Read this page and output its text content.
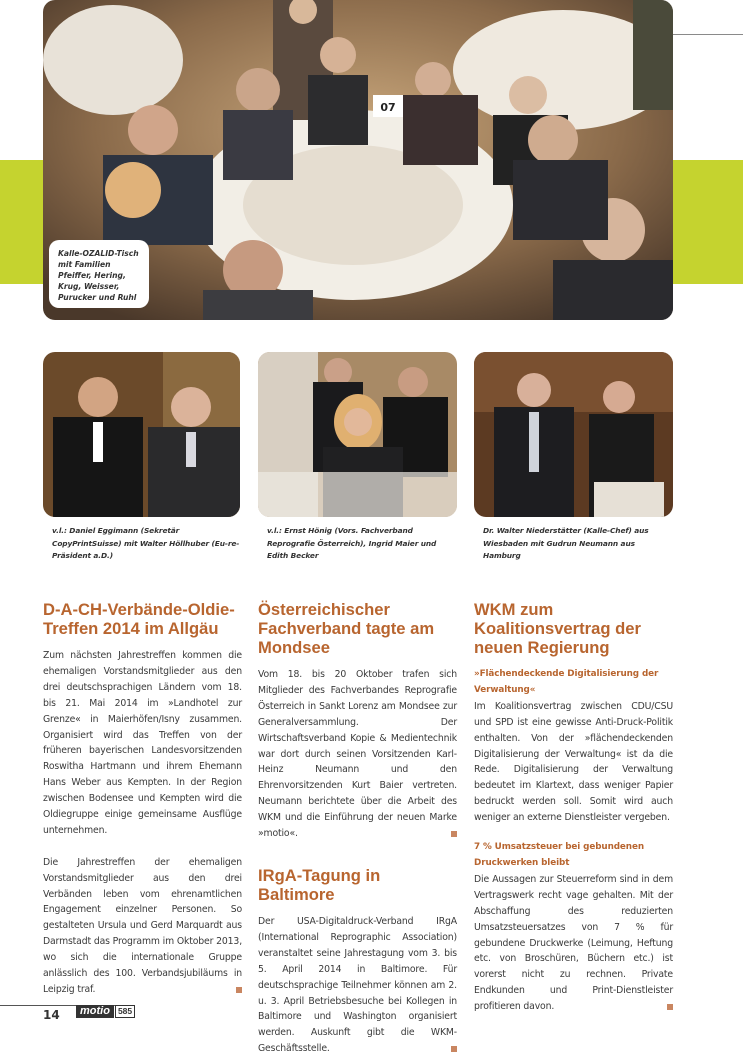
07
Kalle-OZALID-Tisch mit Familien Pfeiffer, Hering, Krug, Weisser, Purucker und Ruhl
v.l.: Daniel Eggimann (Sekretär CopyPrintSuisse) mit Walter Höllhuber (Eu-re-Präsident a.D.)
v.l.: Ernst Hönig (Vors. Fachverband Reprografie Österreich), Ingrid Maier und Edith Becker
Dr. Walter Niederstätter (Kalle-Chef) aus Wiesbaden mit Gudrun Neumann aus Hamburg
D-A-CH-Verbände-Oldie-Treffen 2014 im Allgäu

Zum nächsten Jahrestreffen kommen die ehemaligen Vorstandsmitglieder aus den drei deutschsprachigen Ländern vom 18. bis 21. Mai 2014 im »Landhotel zur Grenze« in Maierhöfen/Isny zusammen. Organisiert wird das Treffen von der früheren bayerischen Landesvorsitzenden Roswitha Hartmann und ihrem Ehemann Hans Weber aus Kempten. In der Region zwischen Bodensee und Kempten wird die Oldiegruppe einige gemeinsame Ausflüge unternehmen.

Die Jahrestreffen der ehemaligen Vorstandsmitglieder aus den drei Verbänden leben vom ehrenamtlichen Engagement einzelner Personen. So gestalteten Ursula und Gerd Marquardt aus Darmstadt das Programm im Oktober 2013, wo sich die internationale Gruppe anlässlich des 100. Verbandsjubiläums in Leipzig traf.

Österreichischer Fachverband tagte am Mondsee

Vom 18. bis 20 Oktober trafen sich Mitglieder des Fachverbandes Reprografie Österreich in Sankt Lorenz am Mondsee zur Generalversammlung. Der Wirtschaftsverband Kopie & Medientechnik war dort durch seinen Vorsitzenden Karl-Heinz Neumann und den Ehrenvorsitzenden Kurt Baier vertreten. Neumann berichtete über die Arbeit des WKM und die Einführung der neuen Marke »motio«.

IRgA-Tagung in Baltimore

Der USA-Digitaldruck-Verband IRgA (International Reprographic Association) veranstaltet seine Jahrestagung vom 3. bis 5. April 2014 in Baltimore. Für deutschsprachige Teilnehmer können am 2. u. 3. April Betriebsbesuche bei Kollegen in Baltimore und Washington organisiert werden. Auskunft gibt die WKM-Geschäftsstelle.

WKM zum Koalitionsvertrag der neuen Regierung
»Flächendeckende Digitalisierung der Verwaltung«

Im Koalitionsvertrag zwischen CDU/CSU und SPD ist eine gewisse Anti-Druck-Politik enthalten. Von der »flächendeckenden Digitalisierung der Verwaltung« ist da die Rede. Digitalisierung der Verwaltung bedeutet im Klartext, dass weniger Papier bedruckt werden soll. Somit wird auch weniger an externe Dienstleister vergeben.

7 % Umsatzsteuer bei gebundenen Druckwerken bleibt

Die Aussagen zur Steuerreform sind in dem Vertragswerk recht vage gehalten. Mit der Abschaffung des reduzierten Umsatzsteuersatzes von 7 % für gebundene Druckwerke (Leimung, Heftung etc. von Broschüren, Büchern etc.) ist vorerst nicht zu rechnen. Private Endkunden und Print-Dienstleister profitieren davon.

14	motio 585
